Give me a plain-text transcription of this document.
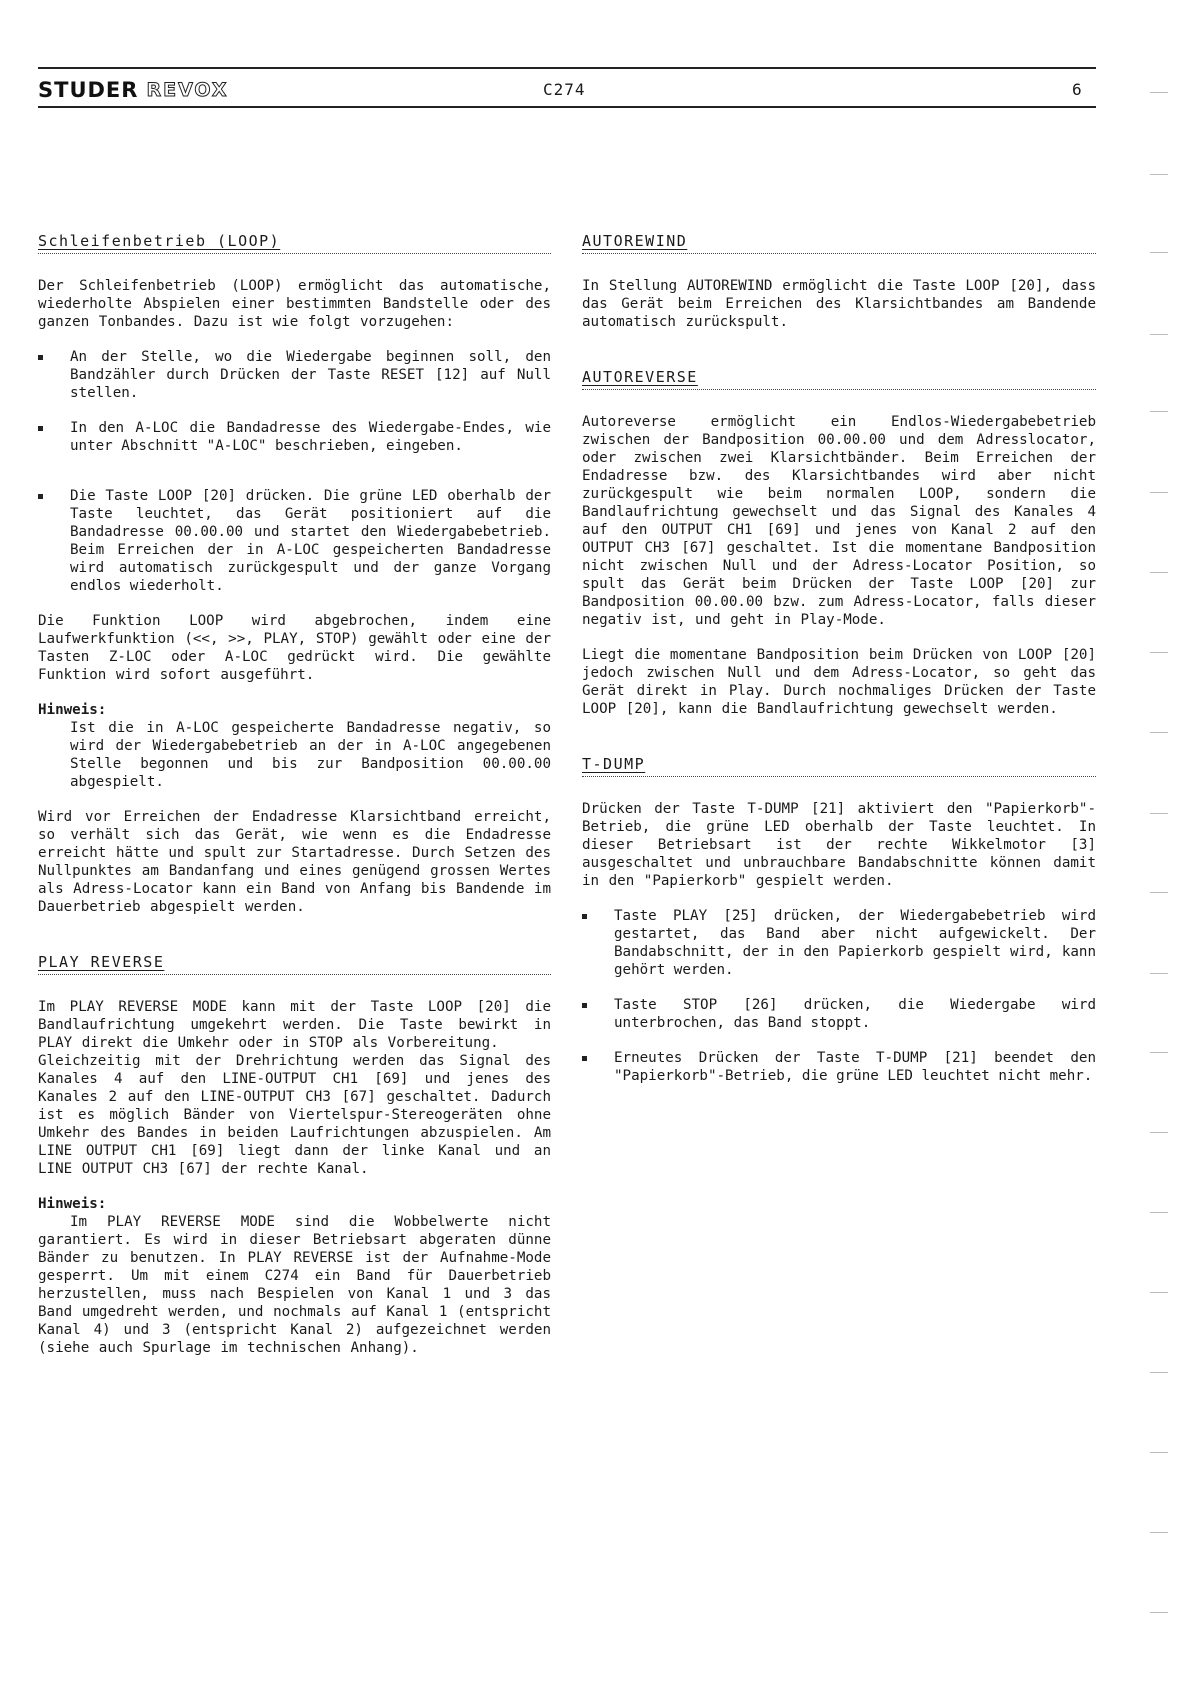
STUDER REVOX	C274	6
Schleifenbetrieb (LOOP)

Der Schleifenbetrieb (LOOP) ermöglicht das automatische, wiederholte Abspielen einer bestimmten Bandstelle oder des ganzen Tonbandes. Dazu ist wie folgt vorzugehen:

An der Stelle, wo die Wiedergabe beginnen soll, den Bandzähler durch Drücken der Taste RESET [12] auf Null stellen.
In den A-LOC die Bandadresse des Wiedergabe-Endes, wie unter Abschnitt "A-LOC" beschrieben, eingeben.
Die Taste LOOP [20] drücken. Die grüne LED oberhalb der Taste leuchtet, das Gerät positioniert auf die Bandadresse 00.00.00 und startet den Wiedergabebetrieb. Beim Erreichen der in A-LOC gespeicherten Bandadresse wird automatisch zurückgespult und der ganze Vorgang endlos wiederholt.

Die Funktion LOOP wird abgebrochen, indem eine Laufwerkfunktion (<<, >>, PLAY, STOP) gewählt oder eine der Tasten Z-LOC oder A-LOC gedrückt wird. Die gewählte Funktion wird sofort ausgeführt.

Hinweis:

Ist die in A-LOC gespeicherte Bandadresse negativ, so wird der Wiedergabebetrieb an der in A-LOC angegebenen Stelle begonnen und bis zur Bandposition 00.00.00 abgespielt.

Wird vor Erreichen der Endadresse Klarsichtband erreicht, so verhält sich das Gerät, wie wenn es die Endadresse erreicht hätte und spult zur Startadresse. Durch Setzen des Nullpunktes am Bandanfang und eines genügend grossen Wertes als Adress-Locator kann ein Band von Anfang bis Bandende im Dauerbetrieb abgespielt werden.

PLAY REVERSE

Im PLAY REVERSE MODE kann mit der Taste LOOP [20] die Bandlaufrichtung umgekehrt werden. Die Taste bewirkt in PLAY direkt die Umkehr oder in STOP als Vorbereitung.

Gleichzeitig mit der Drehrichtung werden das Signal des Kanales 4 auf den LINE-OUTPUT CH1 [69] und jenes des Kanales 2 auf den LINE-OUTPUT CH3 [67] geschaltet. Dadurch ist es möglich Bänder von Viertelspur-Stereogeräten ohne Umkehr des Bandes in beiden Laufrichtungen abzuspielen. Am LINE OUTPUT CH1 [69] liegt dann der linke Kanal und an LINE OUTPUT CH3 [67] der rechte Kanal.

Hinweis:

Im PLAY REVERSE MODE sind die Wobbelwerte nicht garantiert. Es wird in dieser Betriebsart abgeraten dünne Bänder zu benutzen. In PLAY REVERSE ist der Aufnahme-Mode gesperrt. Um mit einem C274 ein Band für Dauerbetrieb herzustellen, muss nach Bespielen von Kanal 1 und 3 das Band umgedreht werden, und nochmals auf Kanal 1 (entspricht Kanal 4) und 3 (entspricht Kanal 2) aufgezeichnet werden (siehe auch Spurlage im technischen Anhang).

AUTOREWIND

In Stellung AUTOREWIND ermöglicht die Taste LOOP [20], dass das Gerät beim Erreichen des Klarsichtbandes am Bandende automatisch zurückspult.

AUTOREVERSE

Autoreverse ermöglicht ein Endlos-Wiedergabebetrieb zwischen der Bandposition 00.00.00 und dem Adresslocator, oder zwischen zwei Klarsichtbänder. Beim Erreichen der Endadresse bzw. des Klarsichtbandes wird aber nicht zurückgespult wie beim normalen LOOP, sondern die Bandlaufrichtung gewechselt und das Signal des Kanales 4 auf den OUTPUT CH1 [69] und jenes von Kanal 2 auf den OUTPUT CH3 [67] geschaltet. Ist die momentane Bandposition nicht zwischen Null und der Adress-Locator Position, so spult das Gerät beim Drücken der Taste LOOP [20] zur Bandposition 00.00.00 bzw. zum Adress-Locator, falls dieser negativ ist, und geht in Play-Mode.

Liegt die momentane Bandposition beim Drücken von LOOP [20] jedoch zwischen Null und dem Adress-Locator, so geht das Gerät direkt in Play. Durch nochmaliges Drücken der Taste LOOP [20], kann die Bandlaufrichtung gewechselt werden.

T-DUMP

Drücken der Taste T-DUMP [21] aktiviert den "Papierkorb"-Betrieb, die grüne LED oberhalb der Taste leuchtet. In dieser Betriebsart ist der rechte Wikkelmotor [3] ausgeschaltet und unbrauchbare Bandabschnitte können damit in den "Papierkorb" gespielt werden.

Taste PLAY [25] drücken, der Wiedergabebetrieb wird gestartet, das Band aber nicht aufgewickelt. Der Bandabschnitt, der in den Papierkorb gespielt wird, kann gehört werden.
Taste STOP [26] drücken, die Wiedergabe wird unterbrochen, das Band stoppt.
Erneutes Drücken der Taste T-DUMP [21] beendet den "Papierkorb"-Betrieb, die grüne LED leuchtet nicht mehr.
